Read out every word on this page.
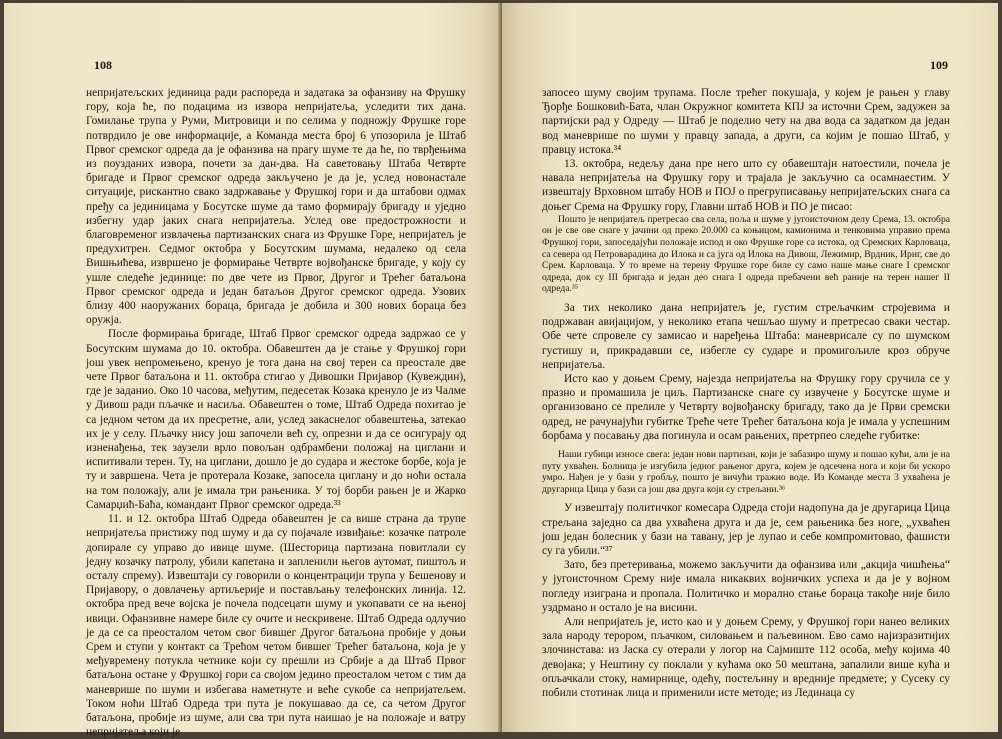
108

непријатељских јединица ради распореда и задатака за офанзиву на Фрушку гору, која ће, по подацима из извора непријатеља, уследити тих дана. Гомилање трупа у Руми, Митровици и по селима у подножју Фрушке горе потврдило је ове информације, а Команда места број 6 упозорила је Штаб Првог сремског одреда да је офанзива на прагу шуме те да ће, по тврђењима из поузданих извора, почети за дан-два. На саветовању Штаба Четврте бригаде и Првог сремског одреда закључено је да је, услед новонастале ситуације, рискантно свако задржавање у Фрушкој гори и да штабови одмах пређу са јединицама у Босутске шуме да тамо формирају бригаду и уједно избегну удар јаких снага непријатеља. Услед ове предострожности и благовременог извлачења партизанских снага из Фрушке Горе, непријатељ је предухитрен. Седмог октобра у Босутским шумама, недалеко од села Вишњићева, извршено је формирање Четврте војвођанске бригаде, у коју су ушле следеће јединице: по две чете из Првог, Другог и Трећег батаљона Првог сремског одреда и један батаљон Другог сремског одреда. Узових близу 400 наоружаних бораца, бригада је добила и 300 нових бораца без оружја.

После формирања бригаде, Штаб Првог сремског одреда задржао се у Босутским шумама до 10. октобра. Обавештен да је стање у Фрушкој гори још увек непромењено, кренуо је тога дана на свој терен са преостале две чете Првог батаљона и 11. октобра стигао у Дивошки Пријавор (Кувеждин), где је заданио. Око 10 часова, међутим, педесетак Козака кренуло је из Чалме у Дивош ради пљачке и насиља. Обавештен о томе, Штаб Одреда похитао је са једном четом да их пресретне, али, услед закаснелог обавештења, затекао их је у селу. Пљачку нису још започели већ су, опрезни и да се осигурају од изненађења, тек заузели врло повољан одбрамбени положај на циглани и испитивали терен. Ту, на циглани, дошло је до судара и жестоке борбе, која је ту и завршена. Чета је протерала Козаке, запосела циглану и до ноћи остала на том положају, али је имала три рањеника. У тој борби рањен је и Жарко Самарџић-Баћа, командант Првог сремског одреда.³³

11. и 12. октобра Штаб Одреда обавештен је са више страна да трупе непријатеља пристижу под шуму и да су појачале извиђање: козачке патроле допирале су управо до ивице шуме. (Шесторица партизана повитлали су једну козачку патролу, убили капетана и запленили његов аутомат, пиштољ и осталу спрему). Извештаји су говорили о концентрацији трупа у Бешенову и Пријавору, о довлачењу артиљерије и постављању телефонских линија. 12. октобра пред вече војска је почела подсецати шуму и укопавати се на њеној ивици. Офанзивне намере биле су очите и нескривене. Штаб Одреда одлучио је да се са преосталом четом свог бившег Другог батаљона пробије у доњи Срем и ступи у контакт са Трећом четом бившег Трећег батаљона, која је у међувремену потукла четнике који су прешли из Србије а да Штаб Првог батаљона остане у Фрушкој гори са својом једино преосталом четом с тим да маневрише по шуми и избегава наметнуте и веће сукобе са непријатељем. Током ноћи Штаб Одреда три пута је покушавао да се, са четом Другог батаљона, пробије из шуме, али сва три пута наишао је на положаје и ватру непријатеља који је

109

запосео шуму својим трупама. После трећег покушаја, у којем је рањен у главу Ђорђе Бошковић-Бата, члан Окружног комитета КПЈ за источни Срем, задужен за партијски рад у Одреду — Штаб је поделио чету на два вода са задатком да један вод маневрише по шуми у правцу запада, а други, са којим је пошао Штаб, у правцу истока.³⁴

13. октобра, недељу дана пре него што су обавештаји натоестили, почела је навала непријатеља на Фрушку гору и трајала је закључно са осамнаестим. У извештају Врховном штабу НОВ и ПОЈ о прегруписавању непријатељских снага са доњег Срема на Фрушку гору, Главни штаб НОВ и ПО је писао:

Пошто је непријатељ претресао сва села, поља и шуме у југоисточном делу Срема, 13. октобра он је све ове снаге у јачини од преко 20.000 са коњицом, камионима и тенковима управио према Фрушкој гори, запоседајући положаје испод и око Фрушке горе са истока, од Сремских Карловаца, са севера од Петроварадина до Илока и са југа од Илока на Дивош, Лежимир, Врдник, Ирнг, све до Срем. Карловаца. У то време на терену Фрушке горе биле су само наше мање снаге I сремског одреда, док су III бригада и један део снага I одреда пребачени већ раније на терен нашег II одреда.³⁵

За тих неколико дана непријатељ је, густим стрељачким стројевима и подржаван авијацијом, у неколико етапа чешљао шуму и претресао сваки честар. Обе чете спровеле су замисао и наређења Штаба: маневрисале су по шумском густишу и, прикрадавши се, избегле су сударе и промигољиле кроз обруче непријатеља.

Исто као у доњем Срему, најезда непријатеља на Фрушку гору сручила се у празно и промашила је циљ. Партизанске снаге су извучене у Босутске шуме и организовано се прелиле у Четврту војвођанску бригаду, тако да је Први сремски одред, не рачунајући губитке Треће чете Трећег батаљона која је имала у успешним борбама у посавању два погинула и осам рањених, претрпео следеће губитке:

Наши губици износе свега: један нови партизан, који је забазиро шуму и пошао кући, али је на путу ухваћен. Болница је изгубила једног рањеног друга, којем је одсечена нога и који би ускоро умро. Нађен је у бази у гробљу, пошто је вичући тражио воде. Из Команде места 3 ухваћена је другарица Цица у бази са још два друга који су стрељани.³⁶

У извештају политичког комесара Одреда стоји надопуна да је другарица Цица стрељана заједно са два ухваћена друга и да је, сем рањеника без ноге, „ухваћен још један болесник у бази на тавану, јер је лупао и себе компромитовао, фашисти су га убили.“³⁷

Зато, без претеривања, можемо закључити да офанзива или „акција чишћења“ у југоисточном Срему није имала никаквих војничких успеха и да је у војном погледу изиграна и пропала. Политичко и морално стање бораца такође није било уздрмано и остало је на висини.

Али непријатељ је, исто као и у доњем Срему, у Фрушкој гори нанео великих зала народу терором, пљачком, силовањем и паљевином. Ево само најизразитијих злочинстава: из Јаска су отерали у логор на Сајмиште 112 особа, међу којима 40 девојака; у Нештину су поклали у кућама око 50 мештана, запалили више кућа и опљачкали стоку, намирнице, одећу, постељину и вредније предмете; у Сусеку су побили стотинак лица и применили исте методе; из Лединаца су
